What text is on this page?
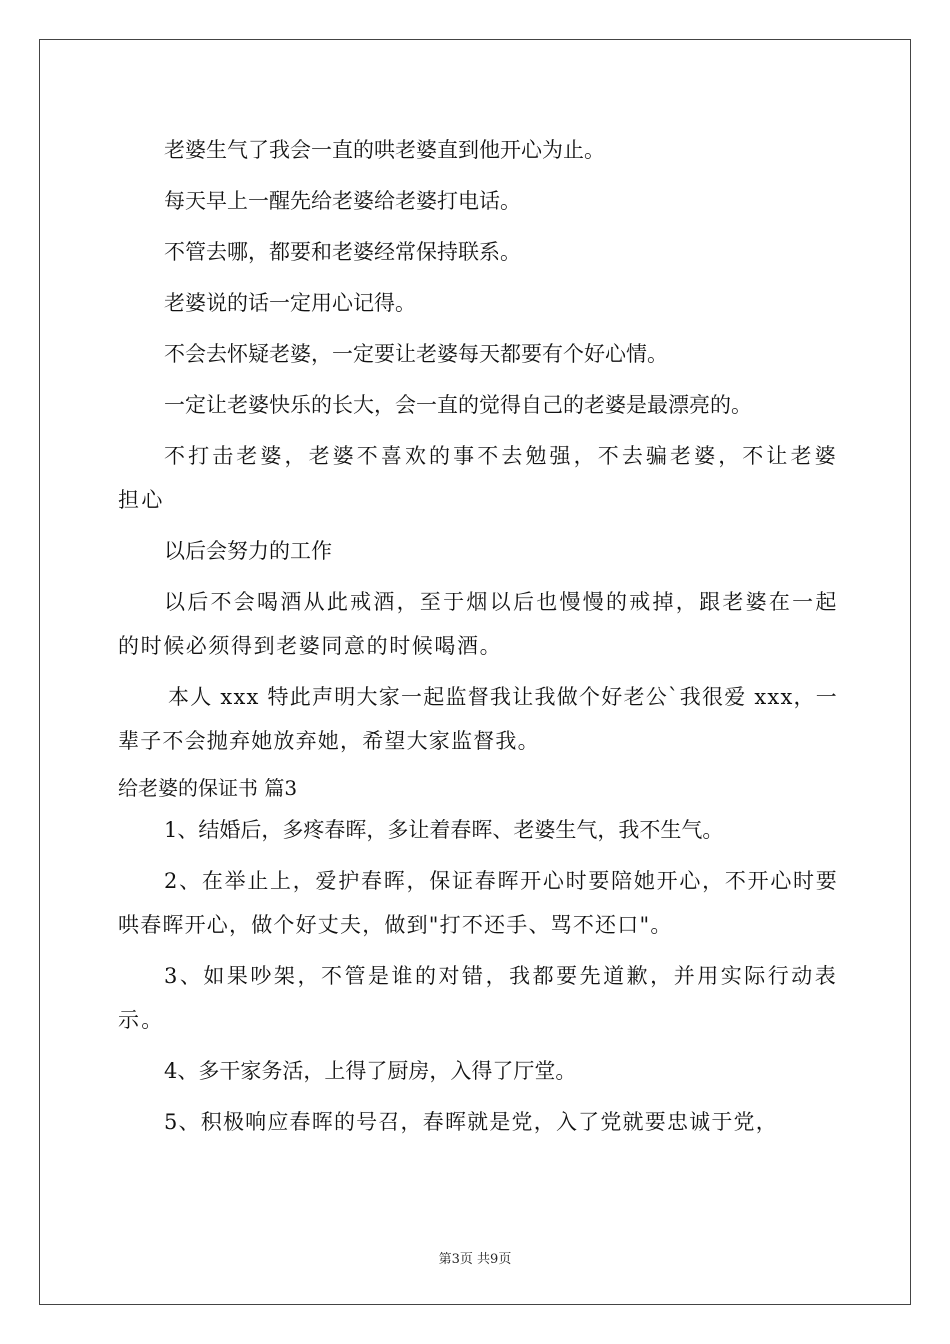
老婆生气了我会一直的哄老婆直到他开心为止。

每天早上一醒先给老婆给老婆打电话。

不管去哪，都要和老婆经常保持联系。

老婆说的话一定用心记得。

不会去怀疑老婆，一定要让老婆每天都要有个好心情。

一定让老婆快乐的长大，会一直的觉得自己的老婆是最漂亮的。

不打击老婆，老婆不喜欢的事不去勉强，不去骗老婆，不让老婆担心

以后会努力的工作

以后不会喝酒从此戒酒，至于烟以后也慢慢的戒掉，跟老婆在一起的时候必须得到老婆同意的时候喝酒。

本人 xxx 特此声明大家一起监督我让我做个好老公`我很爱 xxx，一辈子不会抛弃她放弃她，希望大家监督我。

给老婆的保证书 篇3

1、结婚后，多疼春晖，多让着春晖、老婆生气，我不生气。

2、在举止上，爱护春晖，保证春晖开心时要陪她开心，不开心时要哄春晖开心，做个好丈夫，做到"打不还手、骂不还口"。

3、如果吵架，不管是谁的对错，我都要先道歉，并用实际行动表示。

4、多干家务活，上得了厨房，入得了厅堂。

5、积极响应春晖的号召，春晖就是党，入了党就要忠诚于党，

第3页 共9页
